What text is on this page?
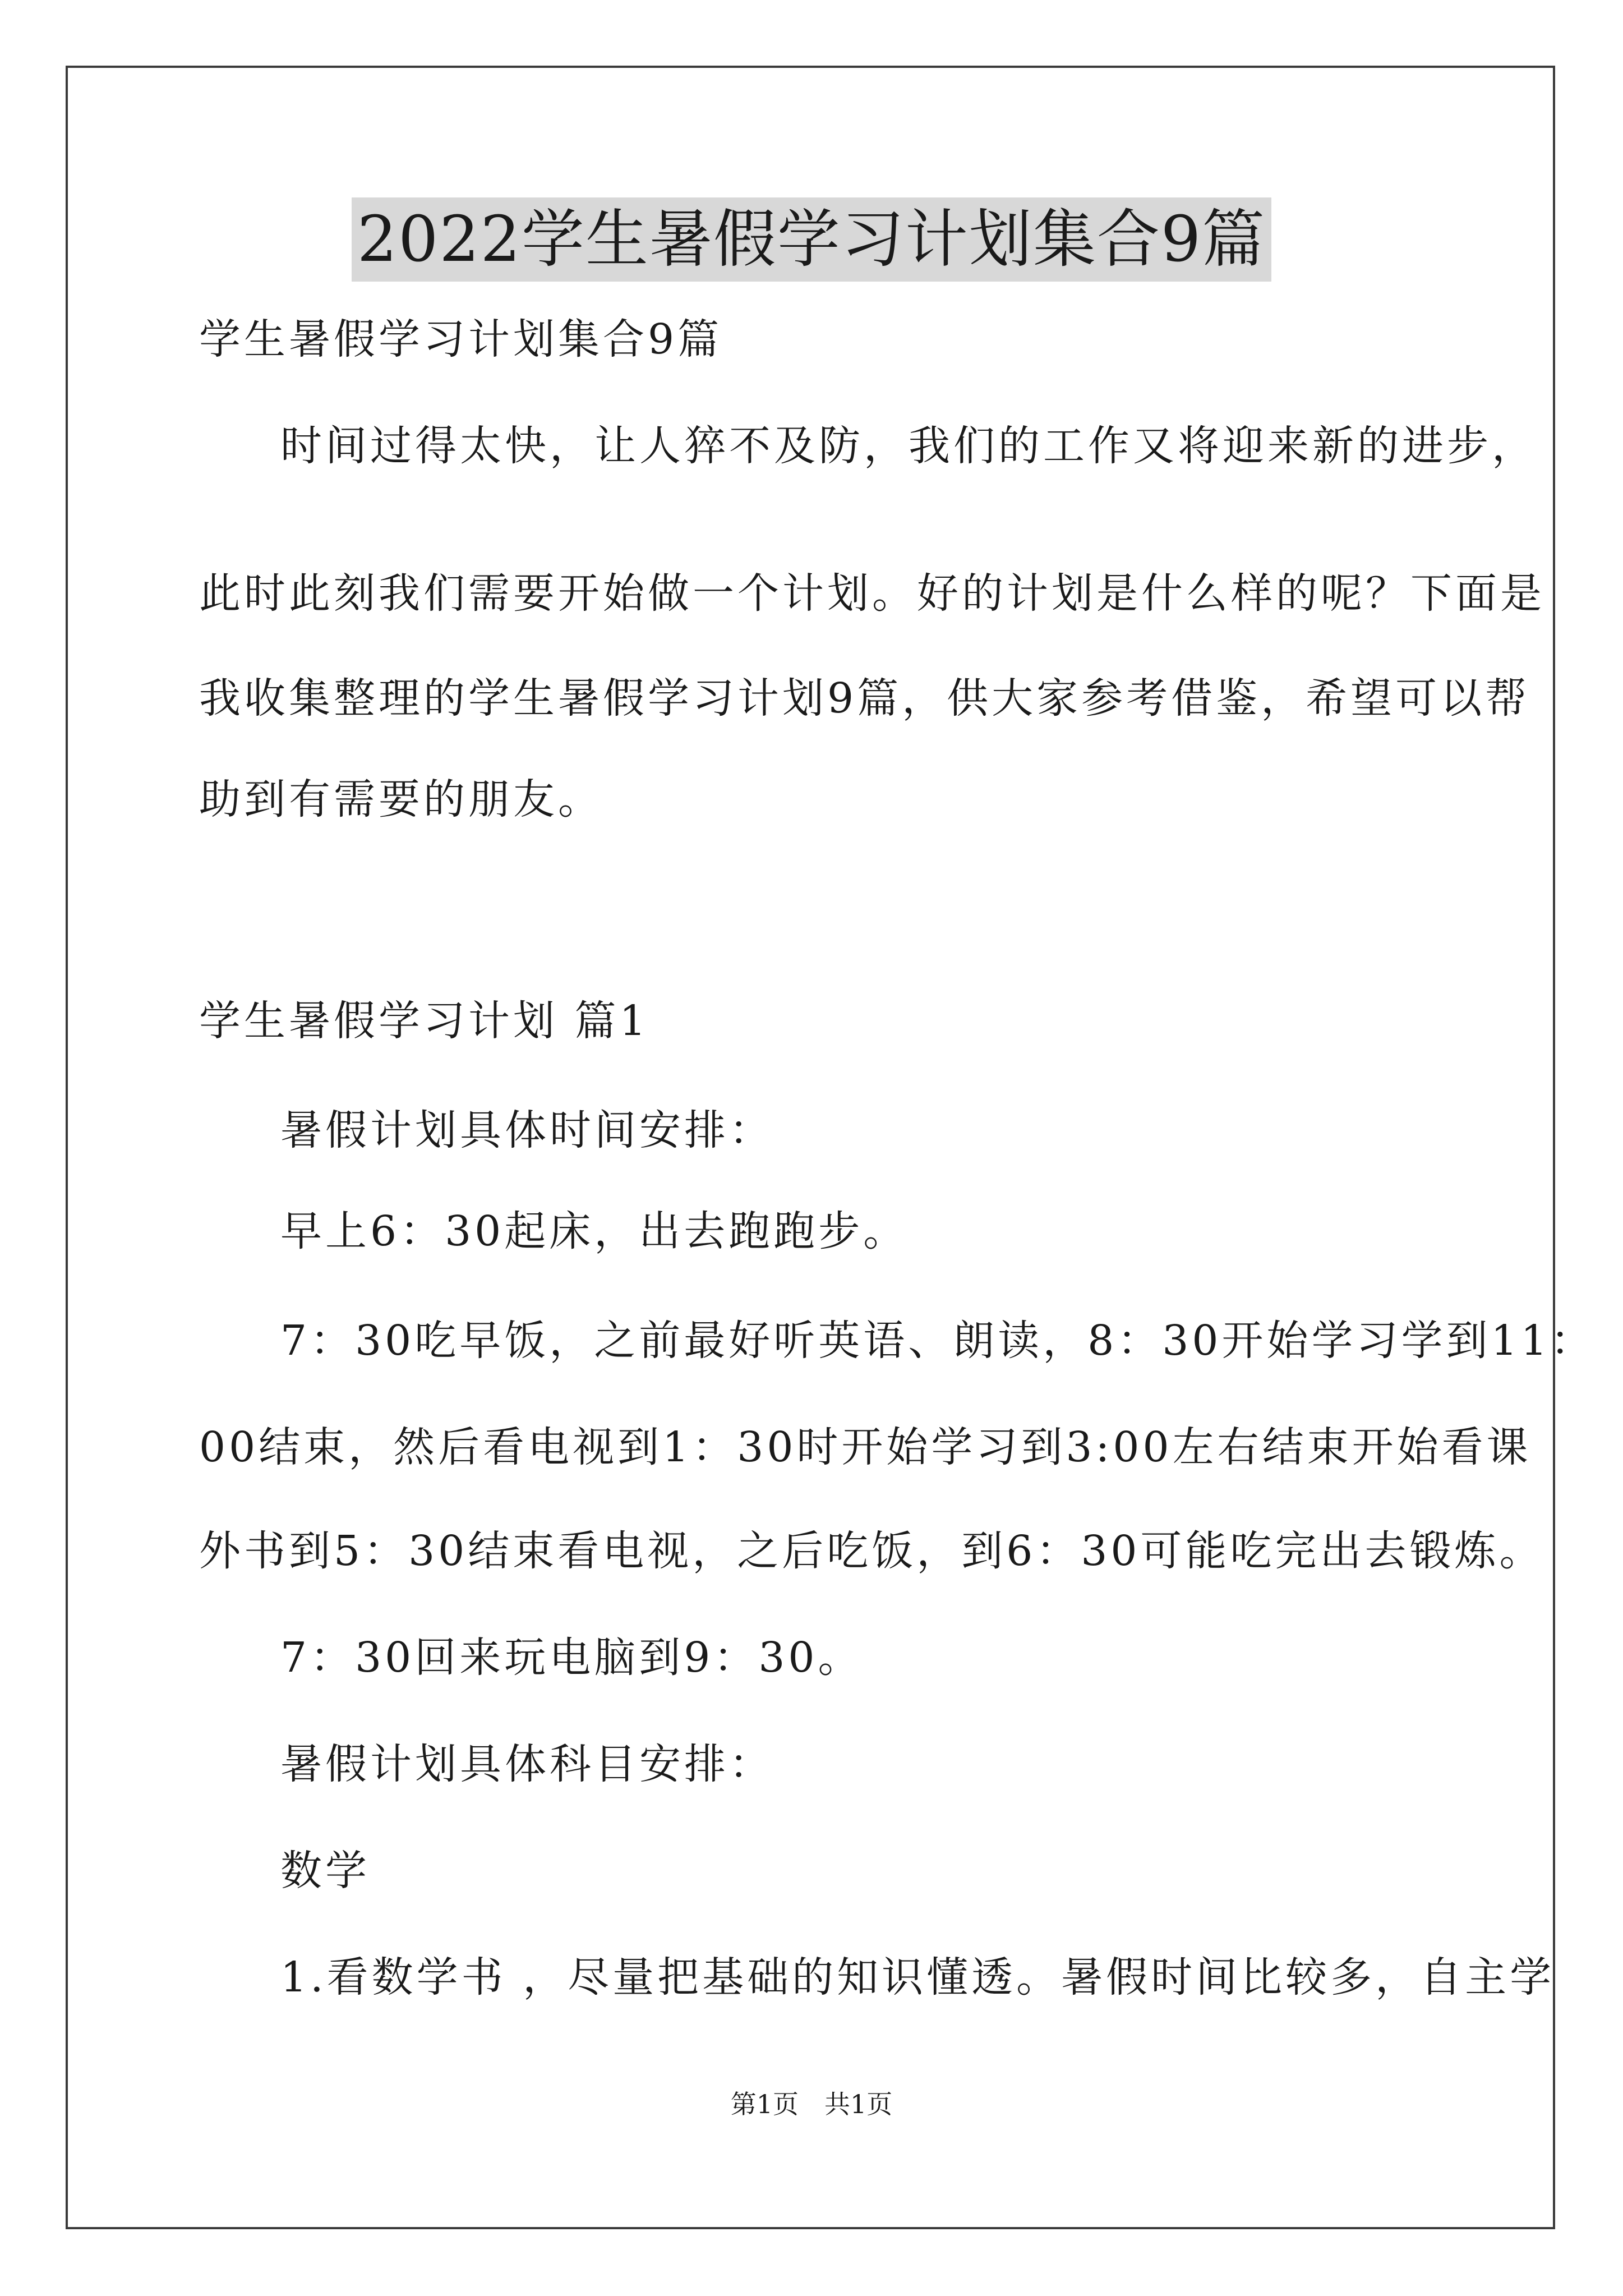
2022学生暑假学习计划集合9篇
学生暑假学习计划集合9篇
时间过得太快，让人猝不及防，我们的工作又将迎来新的进步，
此时此刻我们需要开始做一个计划。好的计划是什么样的呢？下面是
我收集整理的学生暑假学习计划9篇，供大家参考借鉴，希望可以帮
助到有需要的朋友。
学生暑假学习计划 篇1
暑假计划具体时间安排：
早上6：30起床，出去跑跑步。
7：30吃早饭，之前最好听英语、朗读，8：30开始学习学到11：
00结束，然后看电视到1：30时开始学习到3:00左右结束开始看课
外书到5：30结束看电视，之后吃饭，到6：30可能吃完出去锻炼。
7：30回来玩电脑到9：30。
暑假计划具体科目安排：
数学
1.看数学书 ，尽量把基础的知识懂透。暑假时间比较多，自主学
第1页　共1页
